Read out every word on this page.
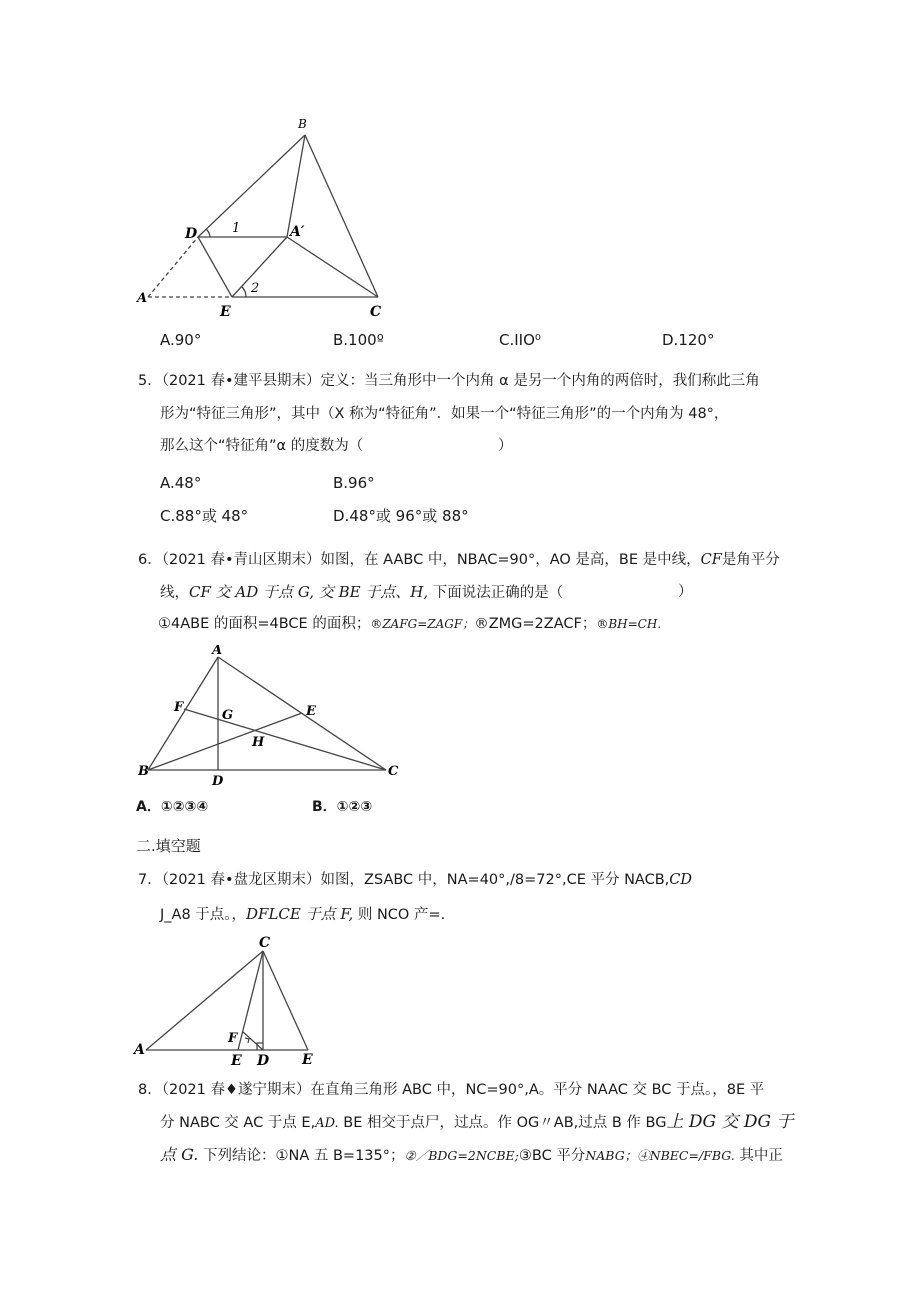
B
D	1	A′
2
A
E	C
A.90°	B.100º	C.IIO⁰	D.120°
5．（2021 春•建平县期末）定义：当三角形中一个内角 α 是另一个内角的两倍时，我们称此三角
形为“特征三角形”，其中（X 称为“特征角”．如果一个“特征三角形”的一个内角为 48°，
那么这个“特征角”α 的度数为（	）
A.48°	B.96°
C.88°或 48°	D.48°或 96°或 88°
6．（2021 春•青山区期末）如图，在 AABC 中，NBAC=90°，AO 是高，BE 是中线，CF是角平分
线，CF 交 AD 于点 G, 交 BE 于点、H, 下面说法正确的是（	）
①4ABE 的面积=4BCE 的面积；®ZAFG=ZAGF；®ZMG=2ZACF；®BH=CH.
A
F
G	E
H
B
D
C
A．①②③④	B．①②③
二.填空题
7．（2021 春•盘龙区期末）如图，ZSABC 中，NA=40°,/8=72°,CE 平分 NACB,CD
J_A8 于点。，DFLCE 于点 F, 则 NCO 产=.
C
A
F
E D E
8．（2021 春♦遂宁期末）在直角三角形 ABC 中，NC=90°,A。平分 NAAC 交 BC 于点。，8E 平
分 NABC 交 AC 于点 E,AD. BE 相交于点尸，过点。作 OG〃AB,过点 B 作 BG上 DG 交 DG 于
点 G. 下列结论：①NA 五 B=135°；②／BDG=2NCBE;③BC 平分NABG；④NBEC=/FBG. 其中正
